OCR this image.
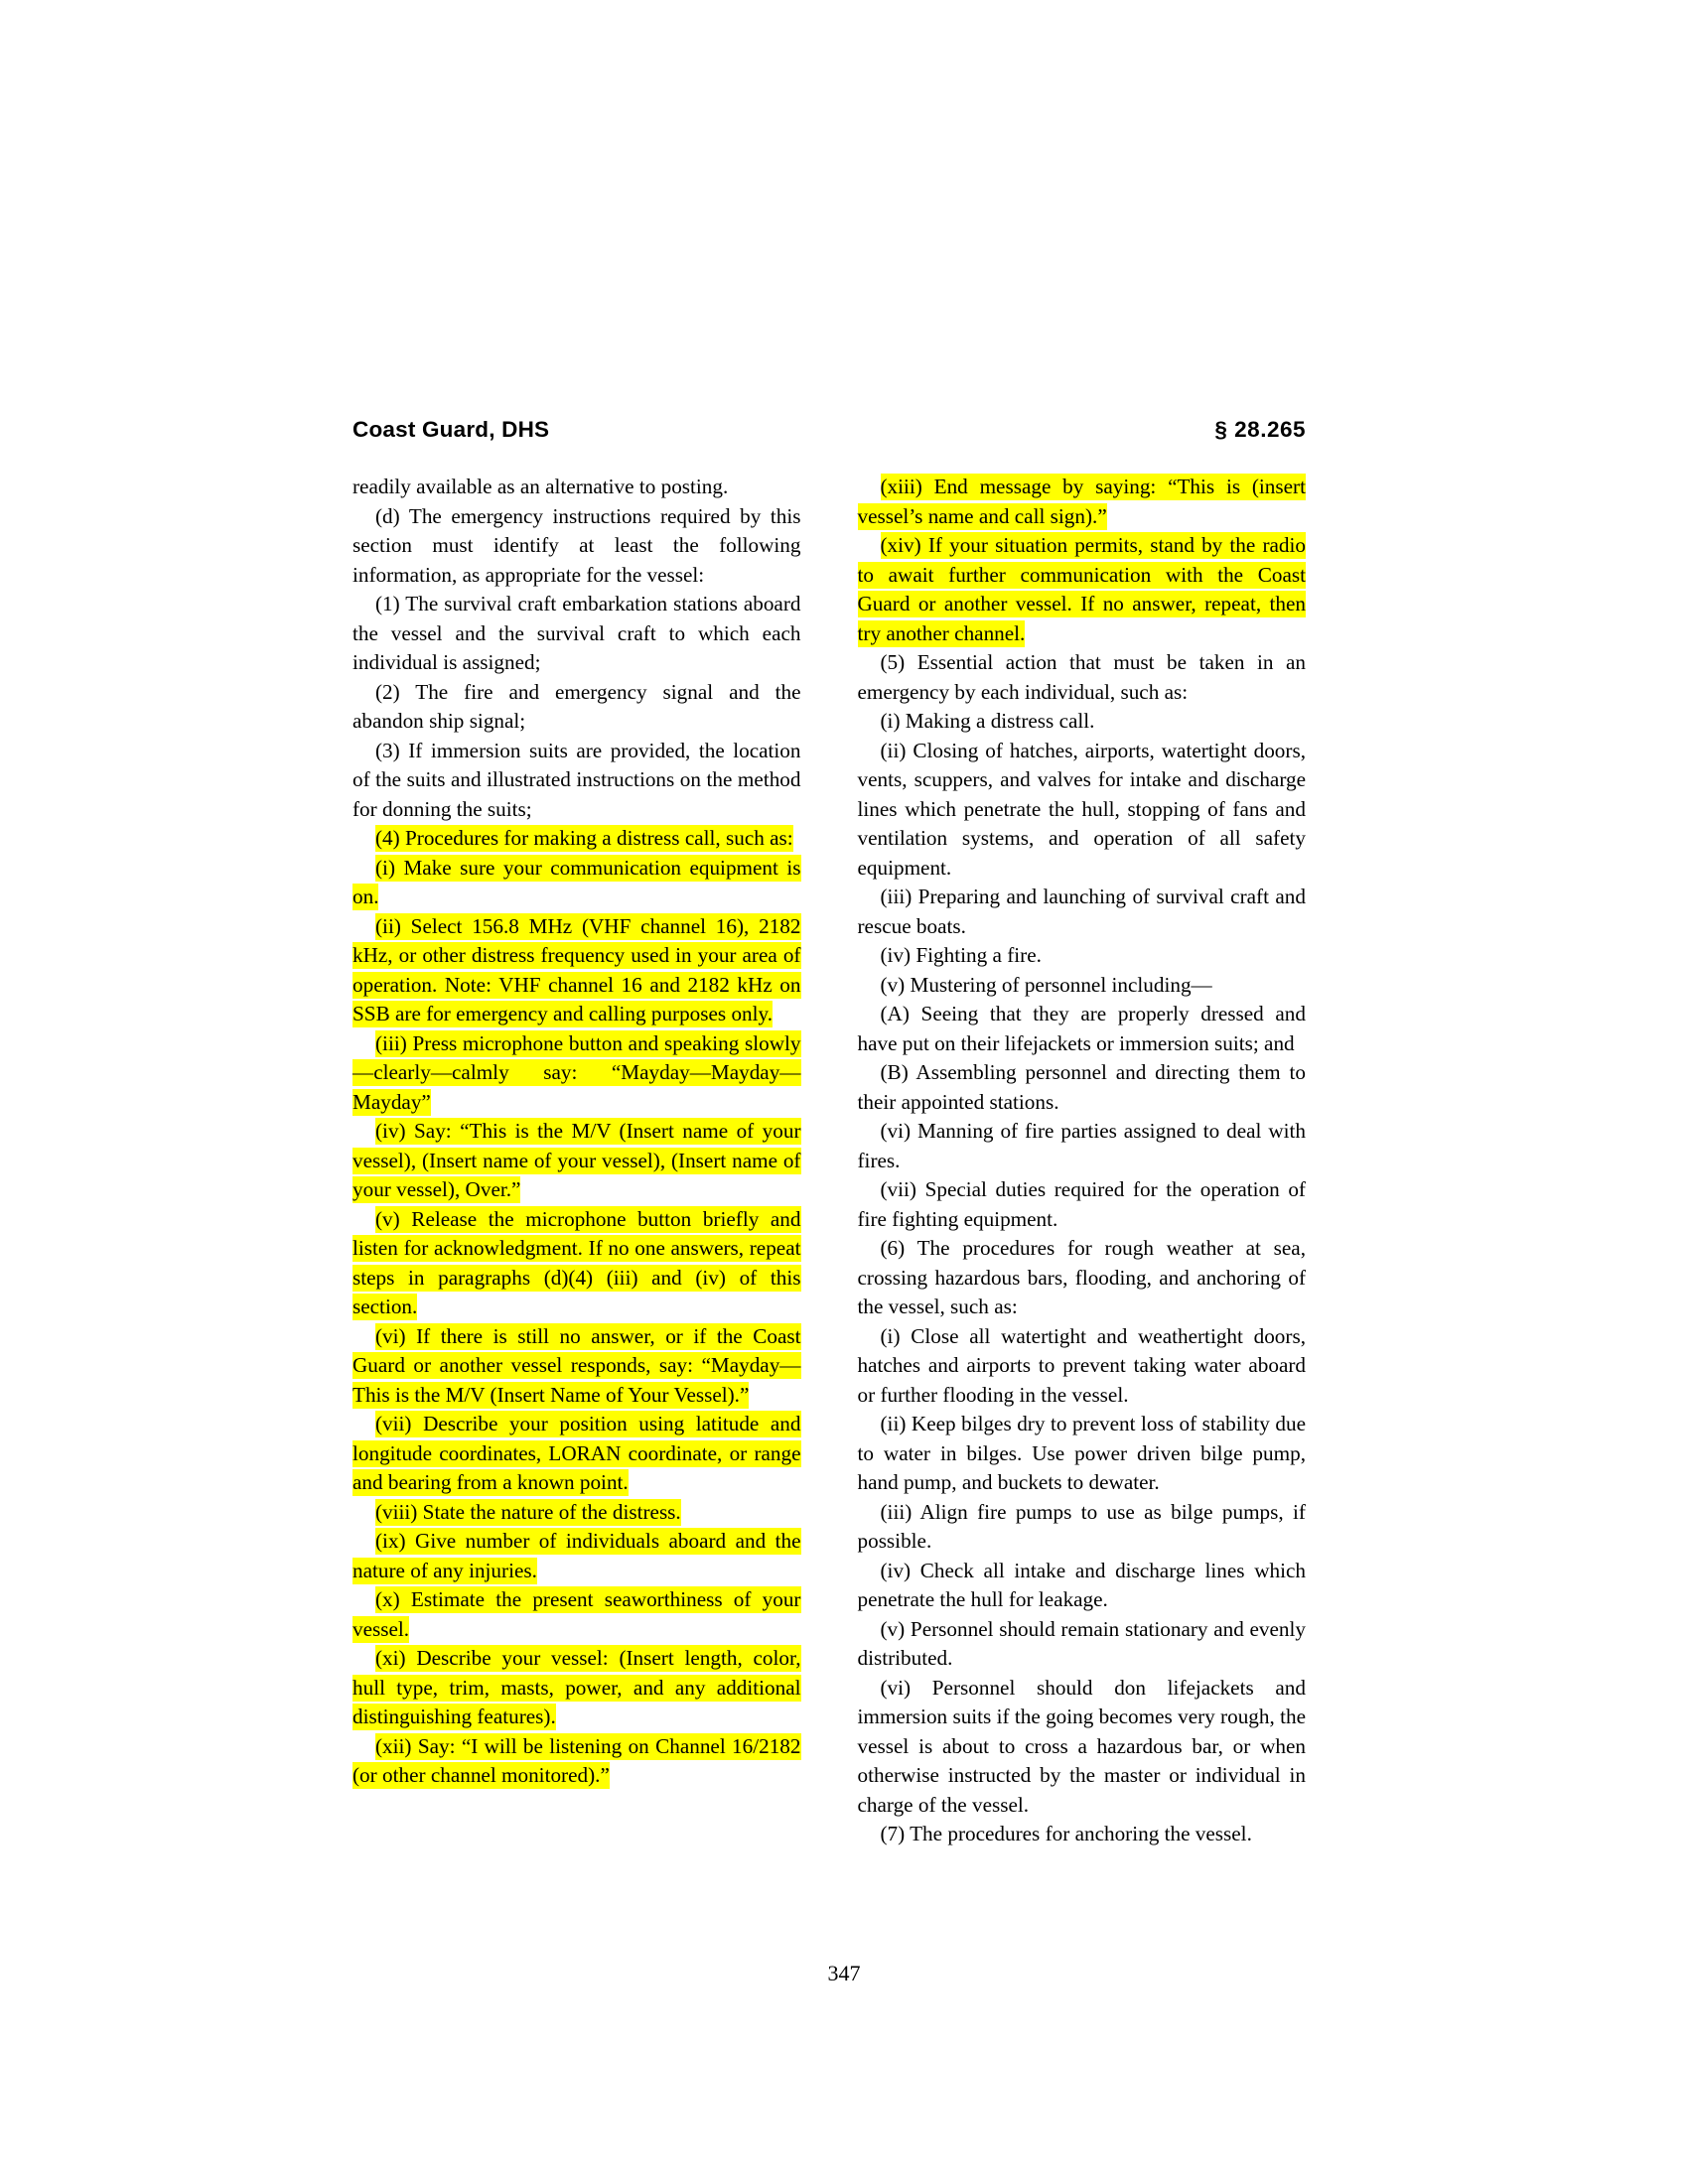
Coast Guard, DHS	§ 28.265

readily available as an alternative to posting.

(d) The emergency instructions required by this section must identify at least the following information, as appropriate for the vessel:

(1) The survival craft embarkation stations aboard the vessel and the survival craft to which each individual is assigned;

(2) The fire and emergency signal and the abandon ship signal;

(3) If immersion suits are provided, the location of the suits and illustrated instructions on the method for donning the suits;

(4) Procedures for making a distress call, such as:

(i) Make sure your communication equipment is on.

(ii) Select 156.8 MHz (VHF channel 16), 2182 kHz, or other distress frequency used in your area of operation. Note: VHF channel 16 and 2182 kHz on SSB are for emergency and calling purposes only.

(iii) Press microphone button and speaking slowly—clearly—calmly say: “Mayday—Mayday—Mayday”

(iv) Say: “This is the M/V (Insert name of your vessel), (Insert name of your vessel), (Insert name of your vessel), Over.”

(v) Release the microphone button briefly and listen for acknowledgment. If no one answers, repeat steps in paragraphs (d)(4) (iii) and (iv) of this section.

(vi) If there is still no answer, or if the Coast Guard or another vessel responds, say: “Mayday—This is the M/V (Insert Name of Your Vessel).”

(vii) Describe your position using latitude and longitude coordinates, LORAN coordinate, or range and bearing from a known point.

(viii) State the nature of the distress.

(ix) Give number of individuals aboard and the nature of any injuries.

(x) Estimate the present seaworthiness of your vessel.

(xi) Describe your vessel: (Insert length, color, hull type, trim, masts, power, and any additional distinguishing features).

(xii) Say: “I will be listening on Channel 16/2182 (or other channel monitored).”

(xiii) End message by saying: “This is (insert vessel’s name and call sign).”

(xiv) If your situation permits, stand by the radio to await further communication with the Coast Guard or another vessel. If no answer, repeat, then try another channel.

(5) Essential action that must be taken in an emergency by each individual, such as:

(i) Making a distress call.

(ii) Closing of hatches, airports, watertight doors, vents, scuppers, and valves for intake and discharge lines which penetrate the hull, stopping of fans and ventilation systems, and operation of all safety equipment.

(iii) Preparing and launching of survival craft and rescue boats.

(iv) Fighting a fire.

(v) Mustering of personnel including—

(A) Seeing that they are properly dressed and have put on their lifejackets or immersion suits; and

(B) Assembling personnel and directing them to their appointed stations.

(vi) Manning of fire parties assigned to deal with fires.

(vii) Special duties required for the operation of fire fighting equipment.

(6) The procedures for rough weather at sea, crossing hazardous bars, flooding, and anchoring of the vessel, such as:

(i) Close all watertight and weathertight doors, hatches and airports to prevent taking water aboard or further flooding in the vessel.

(ii) Keep bilges dry to prevent loss of stability due to water in bilges. Use power driven bilge pump, hand pump, and buckets to dewater.

(iii) Align fire pumps to use as bilge pumps, if possible.

(iv) Check all intake and discharge lines which penetrate the hull for leakage.

(v) Personnel should remain stationary and evenly distributed.

(vi) Personnel should don lifejackets and immersion suits if the going becomes very rough, the vessel is about to cross a hazardous bar, or when otherwise instructed by the master or individual in charge of the vessel.

(7) The procedures for anchoring the vessel.

347
